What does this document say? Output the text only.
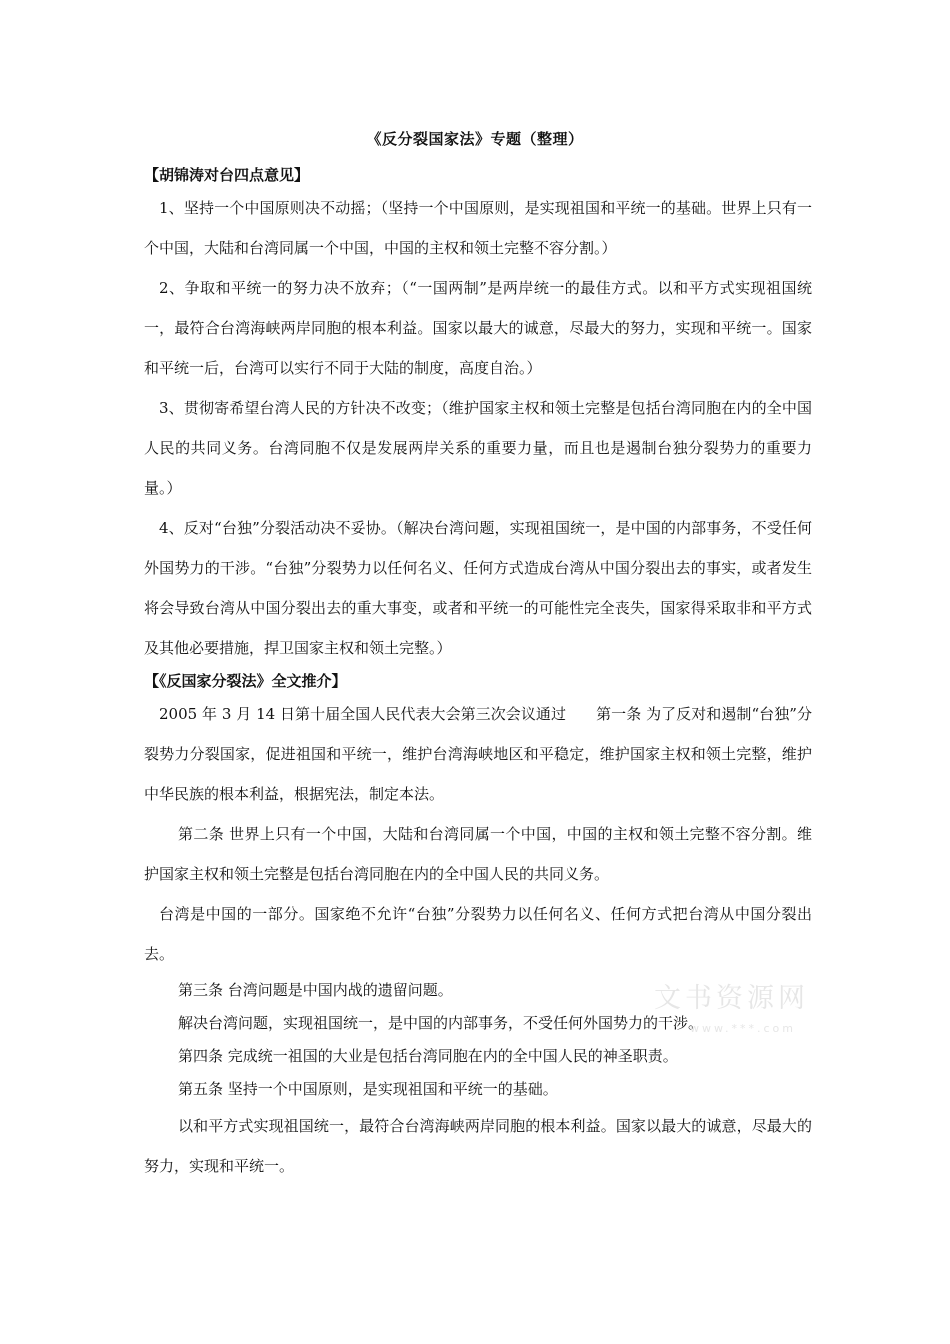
《反分裂国家法》专题（整理）

【胡锦涛对台四点意见】

1、坚持一个中国原则决不动摇；（坚持一个中国原则，是实现祖国和平统一的基础。世界上只有一个中国，大陆和台湾同属一个中国，中国的主权和领土完整不容分割。）

2、争取和平统一的努力决不放弃；（“一国两制”是两岸统一的最佳方式。以和平方式实现祖国统一，最符合台湾海峡两岸同胞的根本利益。国家以最大的诚意，尽最大的努力，实现和平统一。国家和平统一后，台湾可以实行不同于大陆的制度，高度自治。）

3、贯彻寄希望台湾人民的方针决不改变；（维护国家主权和领土完整是包括台湾同胞在内的全中国人民的共同义务。台湾同胞不仅是发展两岸关系的重要力量，而且也是遏制台独分裂势力的重要力量。）

4、反对“台独”分裂活动决不妥协。（解决台湾问题，实现祖国统一，是中国的内部事务，不受任何外国势力的干涉。“台独”分裂势力以任何名义、任何方式造成台湾从中国分裂出去的事实，或者发生将会导致台湾从中国分裂出去的重大事变，或者和平统一的可能性完全丧失，国家得采取非和平方式及其他必要措施，捍卫国家主权和领土完整。）

【《反国家分裂法》全文推介】

2005 年 3 月 14 日第十届全国人民代表大会第三次会议通过　　第一条 为了反对和遏制“台独”分裂势力分裂国家，促进祖国和平统一，维护台湾海峡地区和平稳定，维护国家主权和领土完整，维护中华民族的根本利益，根据宪法，制定本法。

第二条 世界上只有一个中国，大陆和台湾同属一个中国，中国的主权和领土完整不容分割。维护国家主权和领土完整是包括台湾同胞在内的全中国人民的共同义务。

台湾是中国的一部分。国家绝不允许“台独”分裂势力以任何名义、任何方式把台湾从中国分裂出去。

第三条 台湾问题是中国内战的遗留问题。

解决台湾问题，实现祖国统一，是中国的内部事务，不受任何外国势力的干涉。

第四条 完成统一祖国的大业是包括台湾同胞在内的全中国人民的神圣职责。

第五条 坚持一个中国原则，是实现祖国和平统一的基础。

以和平方式实现祖国统一，最符合台湾海峡两岸同胞的根本利益。国家以最大的诚意，尽最大的努力，实现和平统一。

文书资源网
www.***.com
